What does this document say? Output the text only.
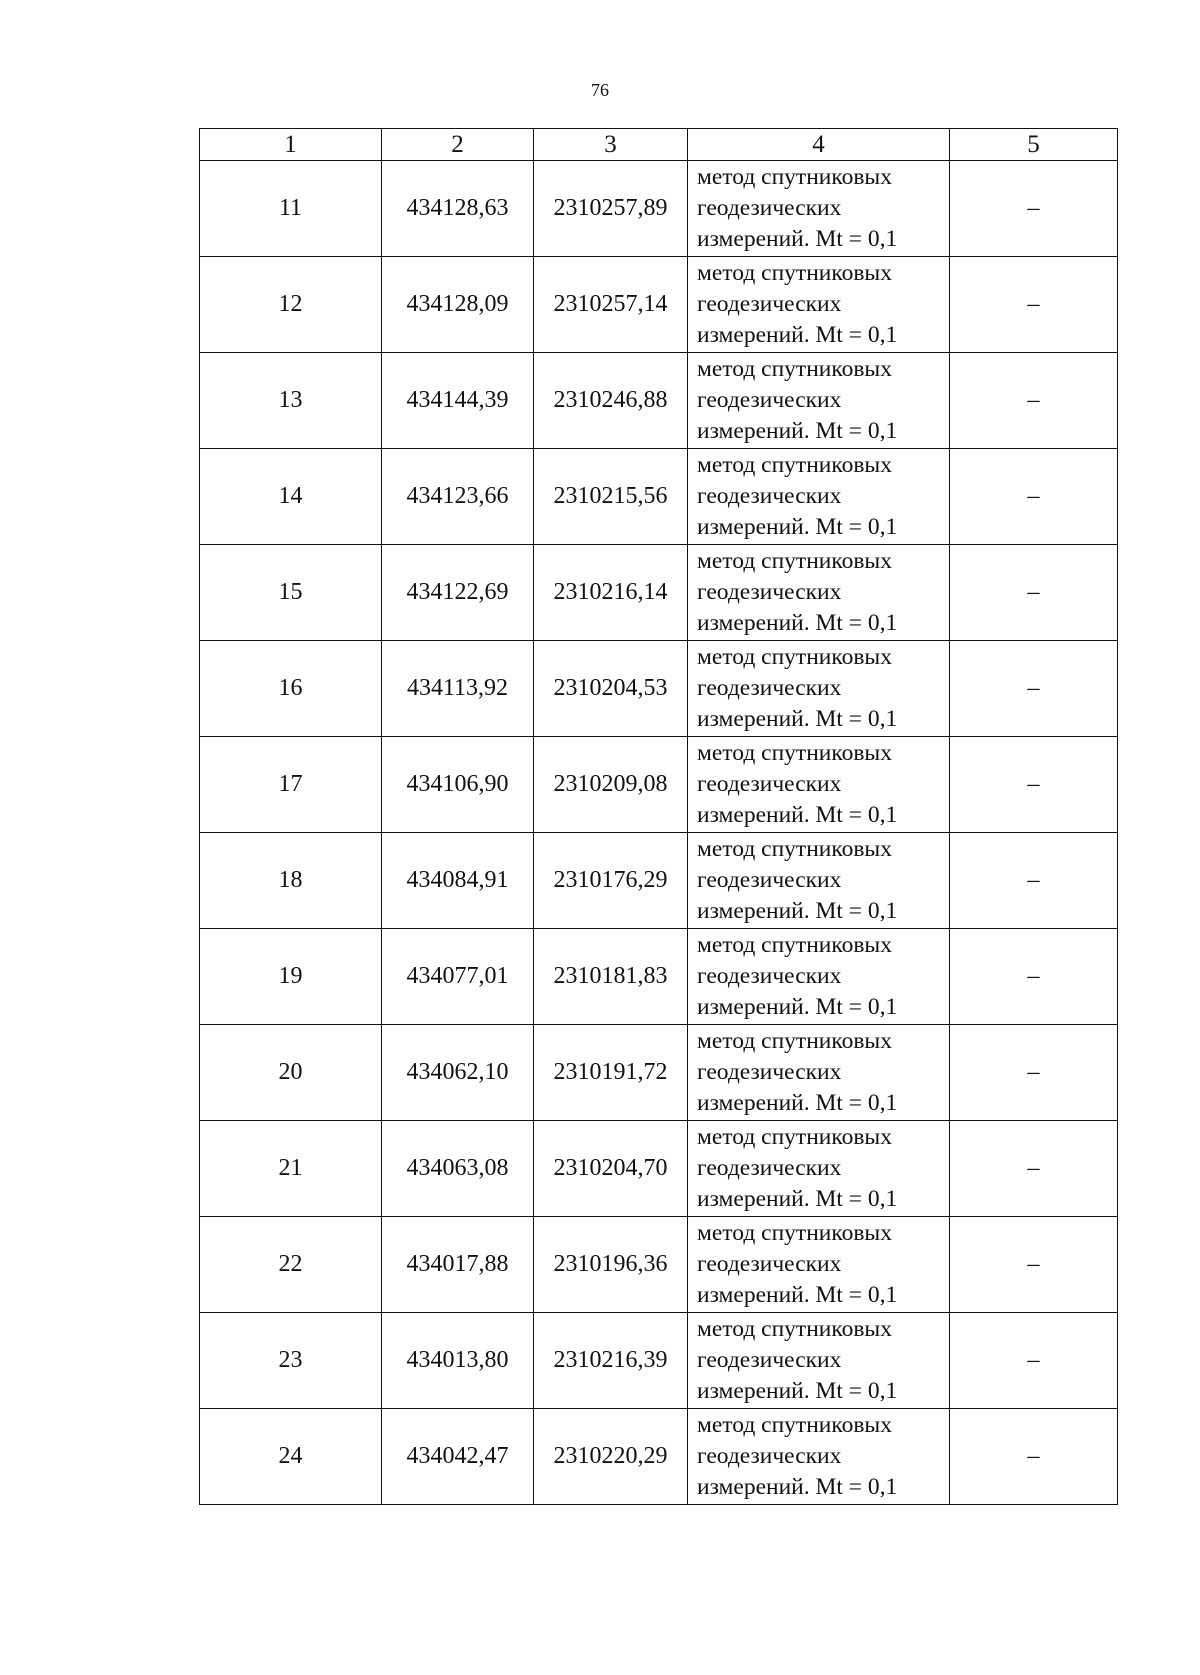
76
1	2	3	4	5
11	434128,63	2310257,89	метод спутниковых
геодезических
измерений. Mt = 0,1	–
12	434128,09	2310257,14	метод спутниковых
геодезических
измерений. Mt = 0,1	–
13	434144,39	2310246,88	метод спутниковых
геодезических
измерений. Mt = 0,1	–
14	434123,66	2310215,56	метод спутниковых
геодезических
измерений. Mt = 0,1	–
15	434122,69	2310216,14	метод спутниковых
геодезических
измерений. Mt = 0,1	–
16	434113,92	2310204,53	метод спутниковых
геодезических
измерений. Mt = 0,1	–
17	434106,90	2310209,08	метод спутниковых
геодезических
измерений. Mt = 0,1	–
18	434084,91	2310176,29	метод спутниковых
геодезических
измерений. Mt = 0,1	–
19	434077,01	2310181,83	метод спутниковых
геодезических
измерений. Mt = 0,1	–
20	434062,10	2310191,72	метод спутниковых
геодезических
измерений. Mt = 0,1	–
21	434063,08	2310204,70	метод спутниковых
геодезических
измерений. Mt = 0,1	–
22	434017,88	2310196,36	метод спутниковых
геодезических
измерений. Mt = 0,1	–
23	434013,80	2310216,39	метод спутниковых
геодезических
измерений. Mt = 0,1	–
24	434042,47	2310220,29	метод спутниковых
геодезических
измерений. Mt = 0,1	–
